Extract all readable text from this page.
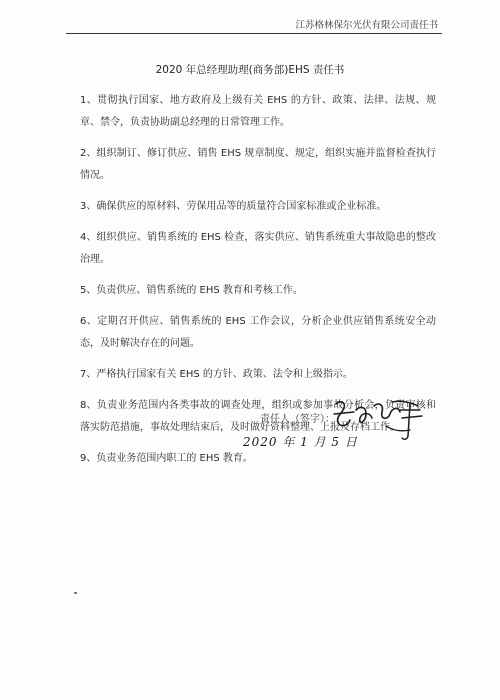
江苏格林保尔光伏有限公司责任书
2020 年总经理助理(商务部)EHS 责任书
1、贯彻执行国家、地方政府及上级有关 EHS 的方针、政策、法律、法规、规章、禁令，负责协助副总经理的日常管理工作。
2、组织制订、修订供应、销售 EHS 规章制度、规定，组织实施并监督检查执行情况。
3、确保供应的原材料、劳保用品等的质量符合国家标准或企业标准。
4、组织供应、销售系统的 EHS 检查，落实供应、销售系统重大事故隐患的整改治理。
5、负责供应、销售系统的 EHS 教育和考核工作。
6、定期召开供应、销售系统的 EHS 工作会议，分析企业供应销售系统安全动态，及时解决存在的问题。
7、严格执行国家有关 EHS 的方针、政策、法令和上级指示。
8、负责业务范围内各类事故的调查处理，组织或参加事故分析会，负责审核和落实防范措施，事故处理结束后，及时做好资料整理、上报及存档工作。
9、负责业务范围内职工的 EHS 教育。
责任人（签字）：
2020 年 1 月 5 日
